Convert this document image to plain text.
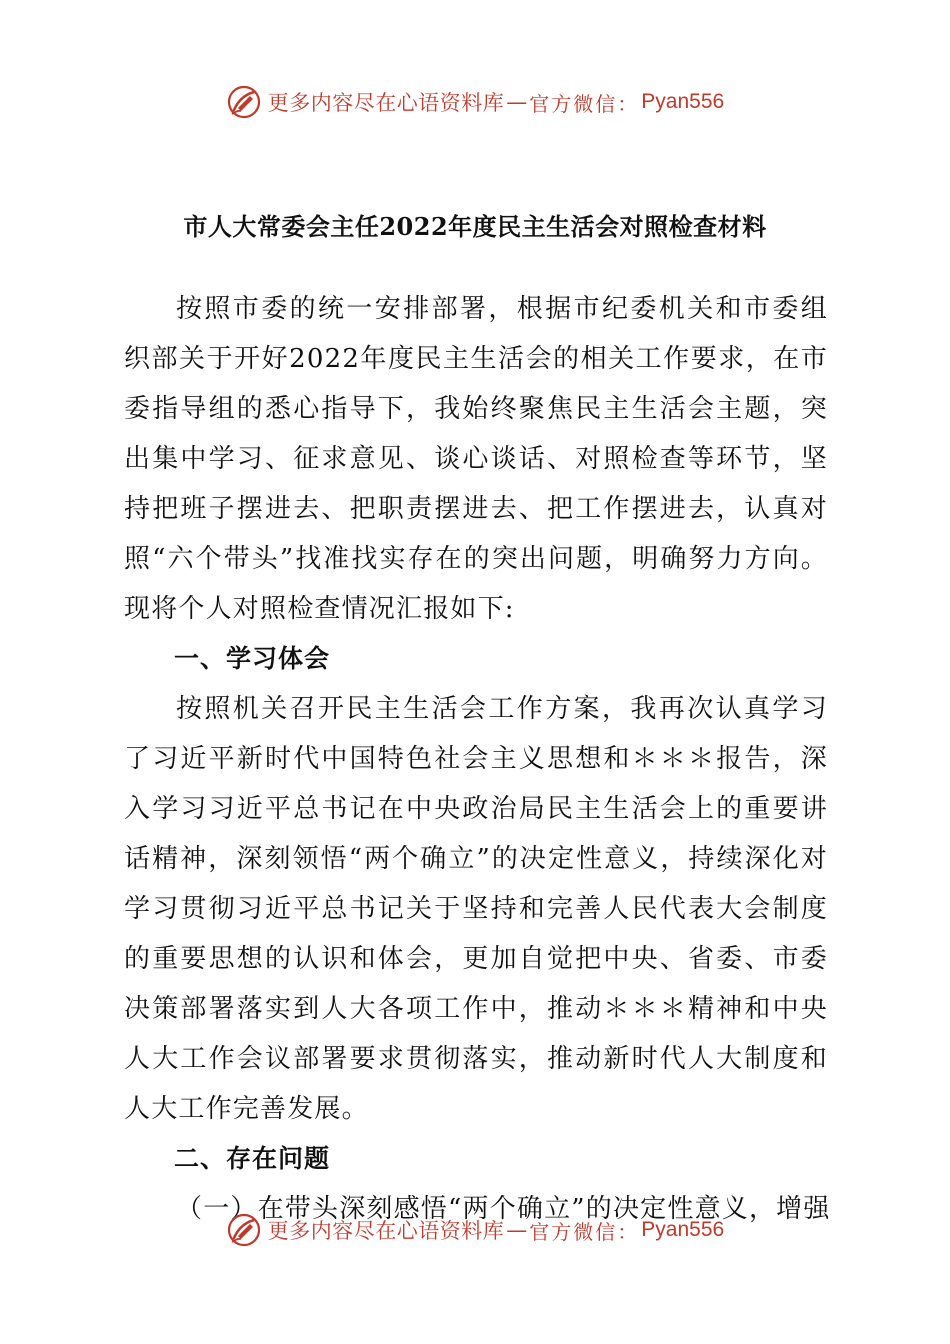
更多内容尽在心语资料库 — 官方微信： Pyan556
市人大常委会主任2022年度民主生活会对照检查材料

按照市委的统一安排部署，根据市纪委机关和市委组织部关于开好2022年度民主生活会的相关工作要求，在市委指导组的悉心指导下，我始终聚焦民主生活会主题，突出集中学习、征求意见、谈心谈话、对照检查等环节，坚持把班子摆进去、把职责摆进去、把工作摆进去，认真对照“六个带头”找准找实存在的突出问题，明确努力方向。现将个人对照检查情况汇报如下:

一、学习体会

按照机关召开民主生活会工作方案，我再次认真学习了习近平新时代中国特色社会主义思想和＊＊＊报告，深入学习习近平总书记在中央政治局民主生活会上的重要讲话精神，深刻领悟“两个确立”的决定性意义，持续深化对学习贯彻习近平总书记关于坚持和完善人民代表大会制度的重要思想的认识和体会，更加自觉把中央、省委、市委决策部署落实到人大各项工作中，推动＊＊＊精神和中央人大工作会议部署要求贯彻落实，推动新时代人大制度和人大工作完善发展。

二、存在问题

（一）在带头深刻感悟“两个确立”的决定性意义，增强

更多内容尽在心语资料库 — 官方微信： Pyan556
